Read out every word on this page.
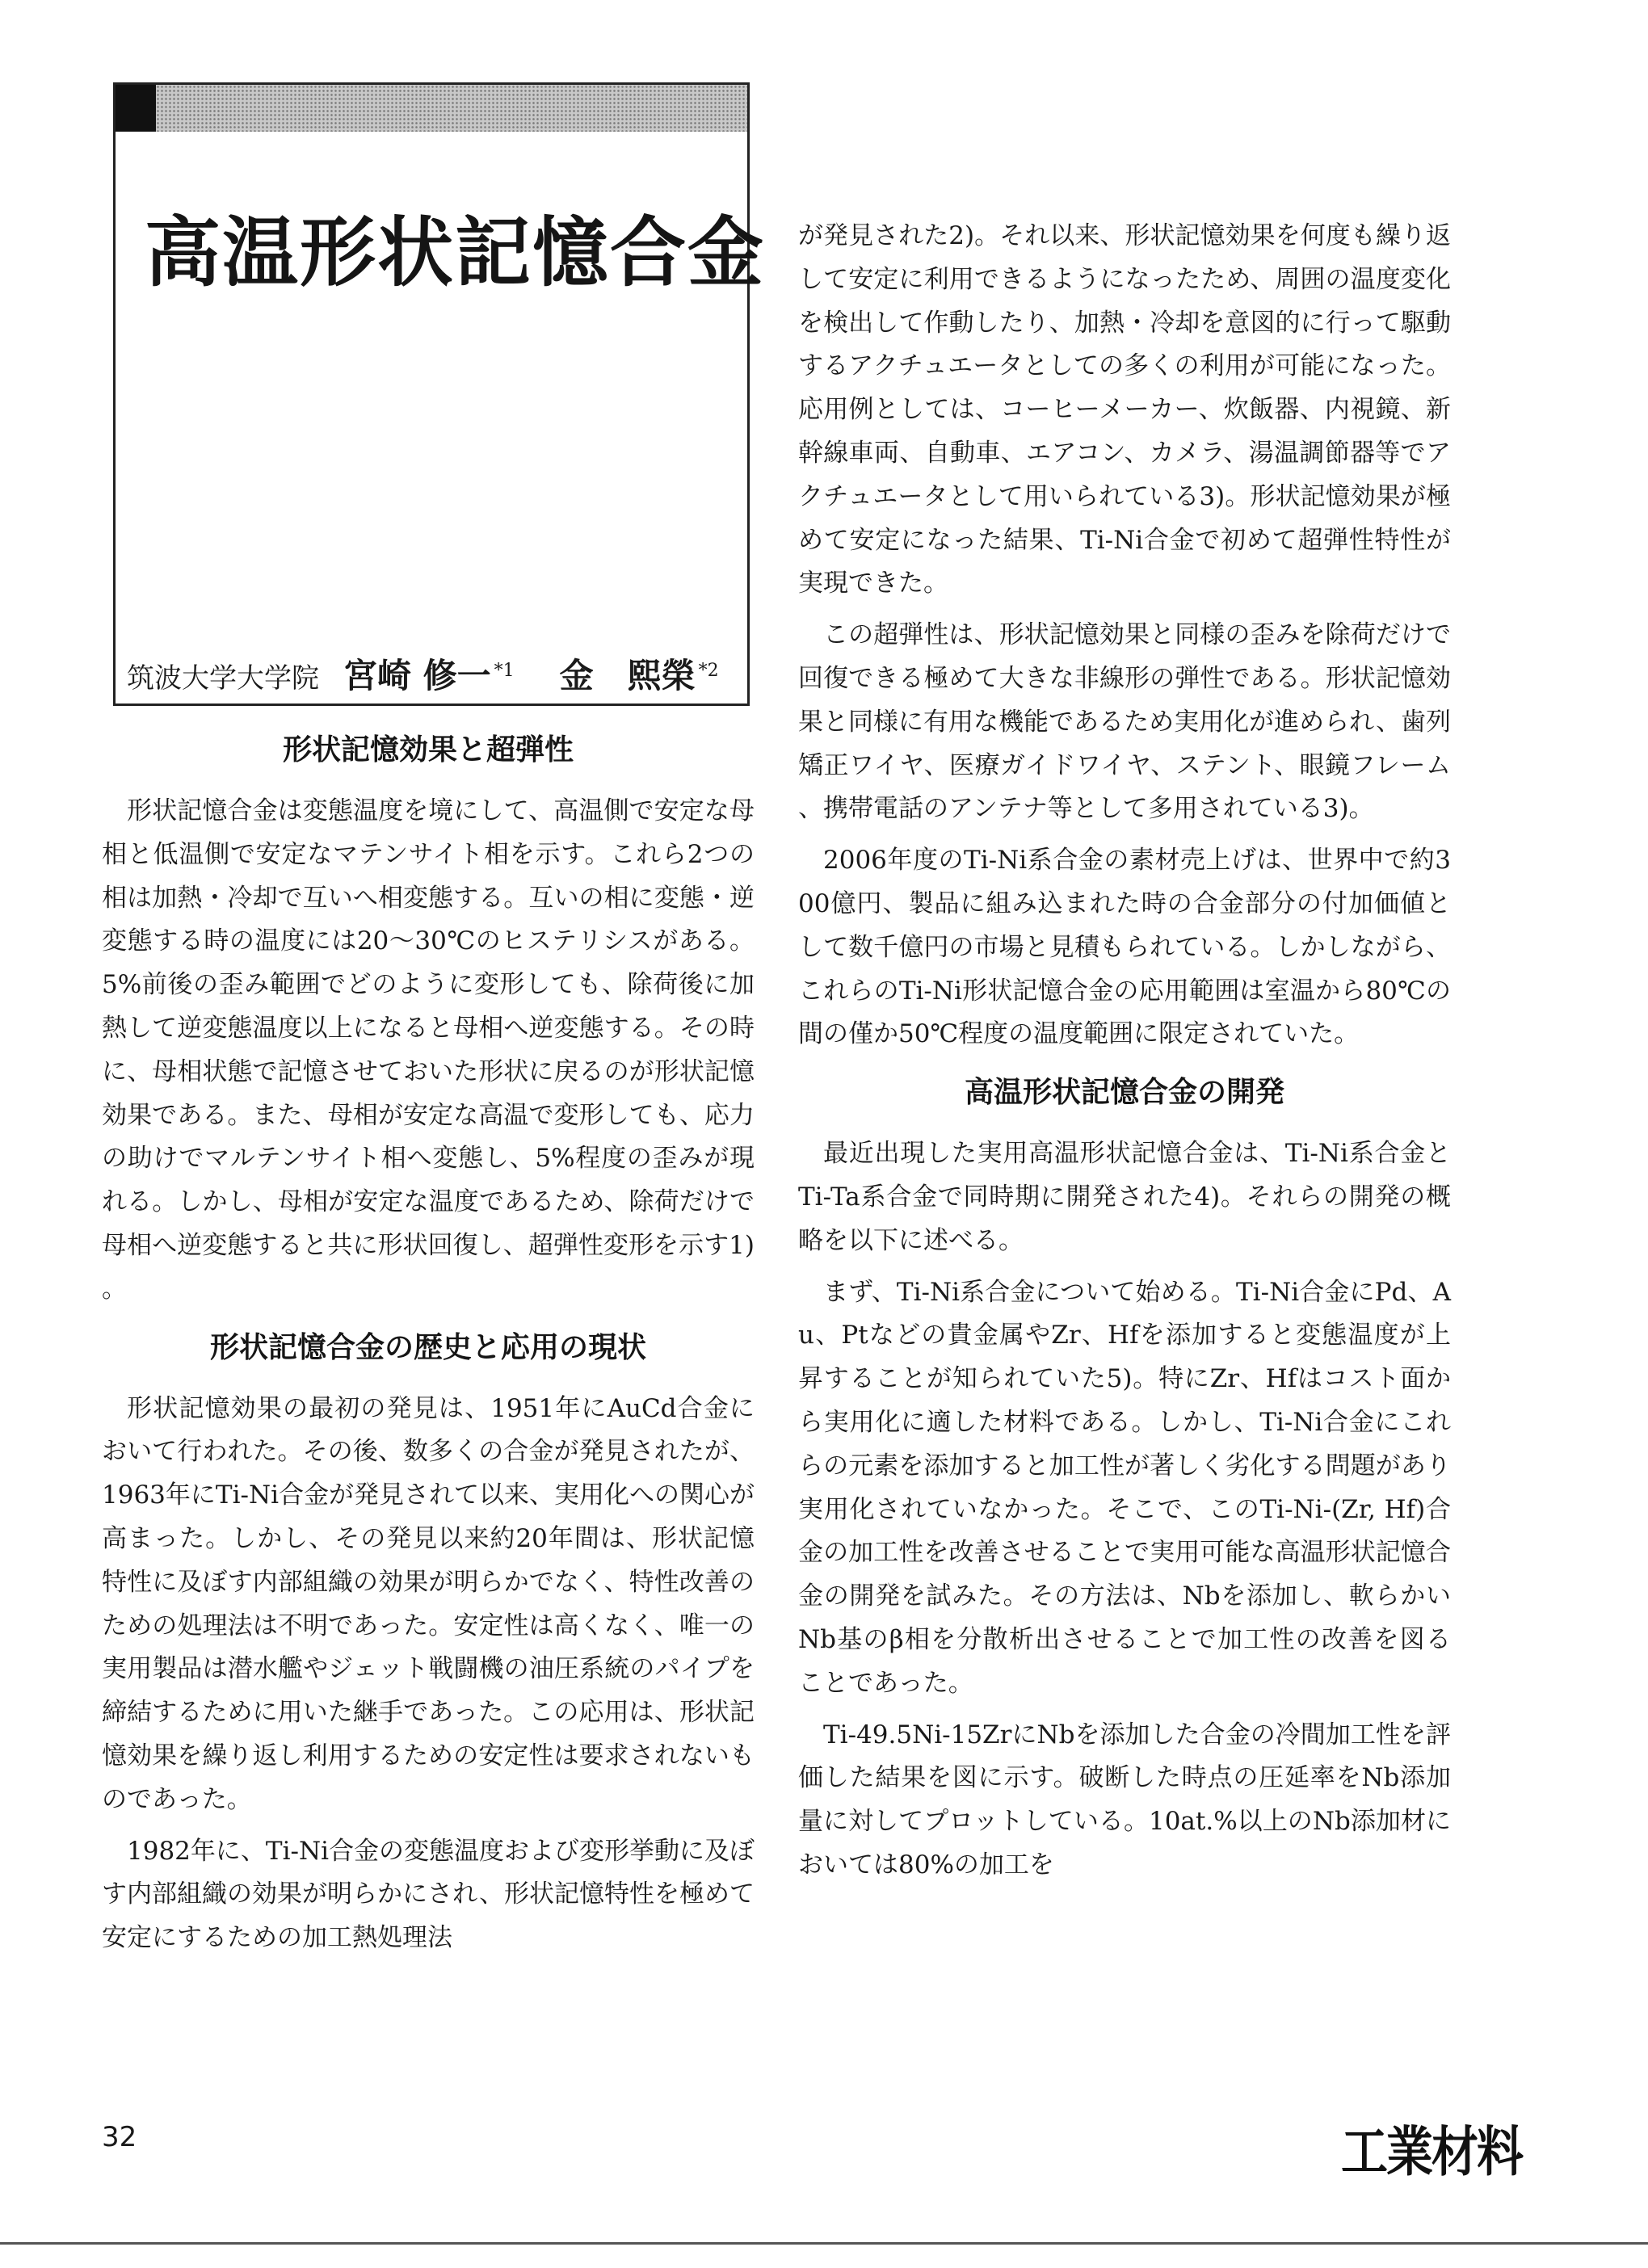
高温形状記憶合金
筑波大学大学院 宮崎 修一 $^{*1}$ 金　熙榮 $^{*2}$
形状記憶効果と超弾性

形状記憶合金は変態温度を境にして、高温側で安定な母相と低温側で安定なマテンサイト相を示す。これら2つの相は加熱・冷却で互いへ相変態する。互いの相に変態・逆変態する時の温度には20～30℃のヒステリシスがある。5%前後の歪み範囲でどのように変形しても、除荷後に加熱して逆変態温度以上になると母相へ逆変態する。その時に、母相状態で記憶させておいた形状に戻るのが形状記憶効果である。また、母相が安定な高温で変形しても、応力の助けでマルテンサイト相へ変態し、5%程度の歪みが現れる。しかし、母相が安定な温度であるため、除荷だけで母相へ逆変態すると共に形状回復し、超弾性変形を示す1)。

形状記憶合金の歴史と応用の現状

形状記憶効果の最初の発見は、1951年にAuCd合金において行われた。その後、数多くの合金が発見されたが、1963年にTi-Ni合金が発見されて以来、実用化への関心が高まった。しかし、その発見以来約20年間は、形状記憶特性に及ぼす内部組織の効果が明らかでなく、特性改善のための処理法は不明であった。安定性は高くなく、唯一の実用製品は潜水艦やジェット戦闘機の油圧系統のパイプを締結するために用いた継手であった。この応用は、形状記憶効果を繰り返し利用するための安定性は要求されないものであった。

1982年に、Ti-Ni合金の変態温度および変形挙動に及ぼす内部組織の効果が明らかにされ、形状記憶特性を極めて安定にするための加工熱処理法

が発見された2)。それ以来、形状記憶効果を何度も繰り返して安定に利用できるようになったため、周囲の温度変化を検出して作動したり、加熱・冷却を意図的に行って駆動するアクチュエータとしての多くの利用が可能になった。応用例としては、コーヒーメーカー、炊飯器、内視鏡、新幹線車両、自動車、エアコン、カメラ、湯温調節器等でアクチュエータとして用いられている3)。形状記憶効果が極めて安定になった結果、Ti-Ni合金で初めて超弾性特性が実現できた。

この超弾性は、形状記憶効果と同様の歪みを除荷だけで回復できる極めて大きな非線形の弾性である。形状記憶効果と同様に有用な機能であるため実用化が進められ、歯列矯正ワイヤ、医療ガイドワイヤ、ステント、眼鏡フレーム、携帯電話のアンテナ等として多用されている3)。

2006年度のTi-Ni系合金の素材売上げは、世界中で約300億円、製品に組み込まれた時の合金部分の付加価値として数千億円の市場と見積もられている。しかしながら、これらのTi-Ni形状記憶合金の応用範囲は室温から80℃の間の僅か50℃程度の温度範囲に限定されていた。

高温形状記憶合金の開発

最近出現した実用高温形状記憶合金は、Ti-Ni系合金とTi-Ta系合金で同時期に開発された4)。それらの開発の概略を以下に述べる。

まず、Ti-Ni系合金について始める。Ti-Ni合金にPd、Au、Ptなどの貴金属やZr、Hfを添加すると変態温度が上昇することが知られていた5)。特にZr、Hfはコスト面から実用化に適した材料である。しかし、Ti-Ni合金にこれらの元素を添加すると加工性が著しく劣化する問題があり実用化されていなかった。そこで、このTi-Ni-(Zr, Hf)合金の加工性を改善させることで実用可能な高温形状記憶合金の開発を試みた。その方法は、Nbを添加し、軟らかいNb基のβ相を分散析出させることで加工性の改善を図ることであった。

Ti-49.5Ni-15ZrにNbを添加した合金の冷間加工性を評価した結果を図に示す。破断した時点の圧延率をNb添加量に対してプロットしている。10at.%以上のNb添加材においては80%の加工を

32	工業材料
